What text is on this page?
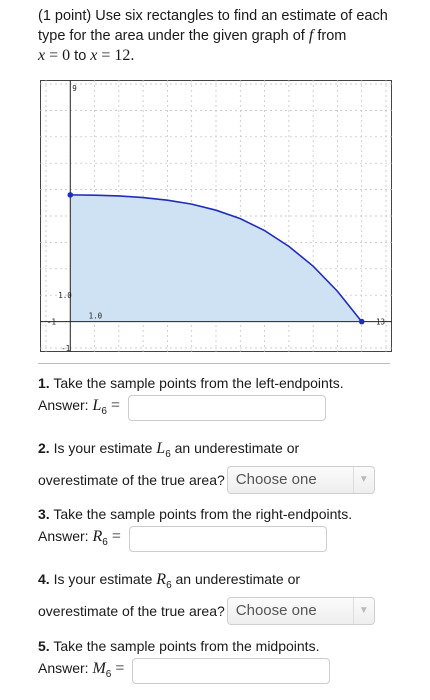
(1 point) Use six rectangles to find an estimate of each type for the area under the given graph of f from
x = 0 to x = 12.
9
1.0
1.0
-1	13
-1
1. Take the sample points from the left-endpoints.
Answer: $L_6$ =
2. Is your estimate $L_6$ an underestimate or
overestimate of the true area? Choose one	▼
3. Take the sample points from the right-endpoints.
Answer: $R_6$ =
4. Is your estimate $R_6$ an underestimate or
overestimate of the true area? Choose one	▼
5. Take the sample points from the midpoints.
Answer: $M_6$ =
